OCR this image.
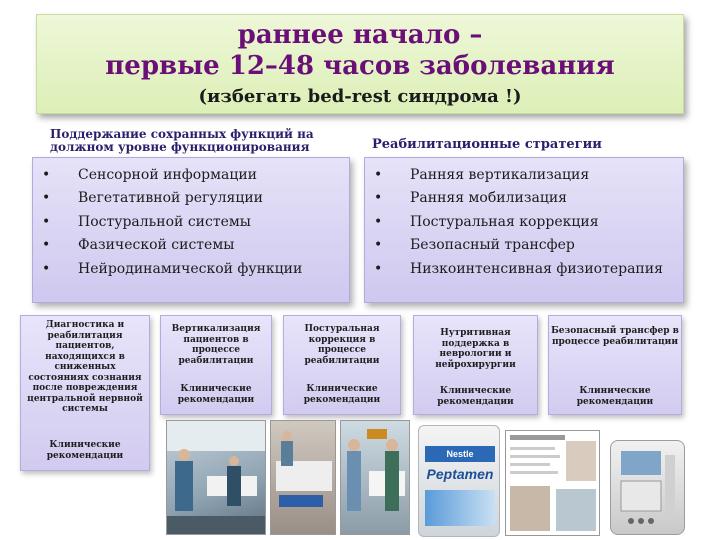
раннее начало –
первые 12–48 часов заболевания
(избегать bed-rest синдрома !)
Поддержание сохранных функций на должном уровне функционирования	Реабилитационные стратегии
• Сенсорной информации
• Вегетативной регуляции
• Постуральной системы
• Фазической системы
• Нейродинамической функции
• Ранняя вертикализация
• Ранняя мобилизация
• Постуральная коррекция
• Безопасный трансфер
• Низкоинтенсивная физиотерапия
Диагностика и реабилитация пациентов, находящихся в сниженных состояниях сознания после повреждения центральной нервной системы
Клинические рекомендации
Вертикализация пациентов в процессе реабилитации
Клинические рекомендации
Постуральная коррекция в процессе реабилитации
Клинические рекомендации
Нутритивная поддержка в неврологии и нейрохирургии
Клинические рекомендации
Безопасный трансфер в процессе реабилитации
Клинические рекомендации
Nestle
Peptamen
